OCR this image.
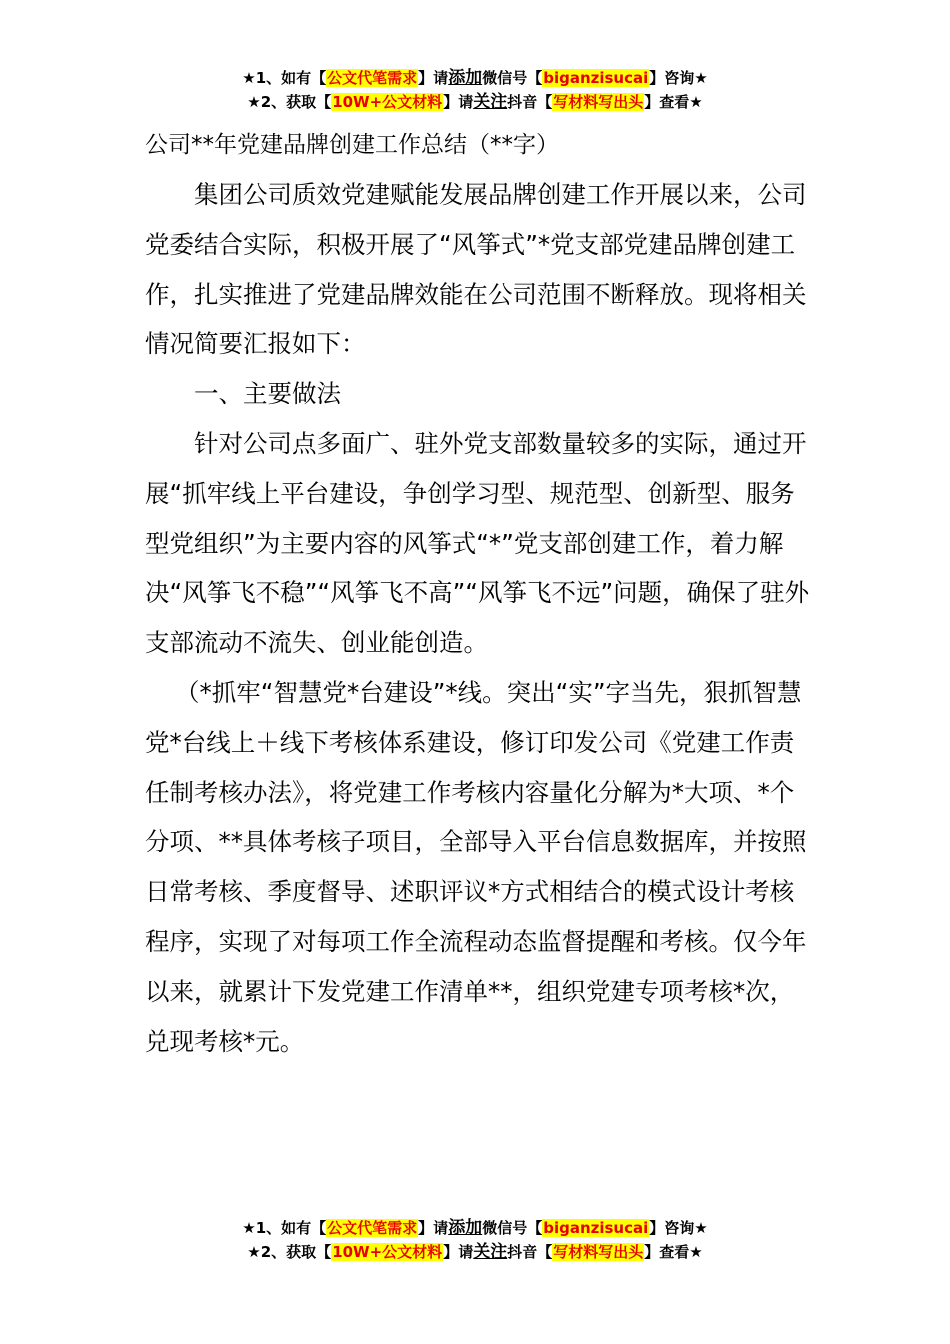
★1、如有【公文代笔需求】请添加微信号【biganzisucai】咨询★
★2、获取【10W+公文材料】请关注抖音【写材料写出头】查看★
公司**年党建品牌创建工作总结（**字）

集团公司质效党建赋能发展品牌创建工作开展以来，公司党委结合实际，积极开展了“风筝式”*党支部党建品牌创建工作，扎实推进了党建品牌效能在公司范围不断释放。现将相关情况简要汇报如下：

一、主要做法

针对公司点多面广、驻外党支部数量较多的实际，通过开展“抓牢线上平台建设，争创学习型、规范型、创新型、服务型党组织”为主要内容的风筝式“*”党支部创建工作，着力解决“风筝飞不稳”“风筝飞不高”“风筝飞不远”问题，确保了驻外支部流动不流失、创业能创造。

（*抓牢“智慧党*台建设”*线。突出“实”字当先，狠抓智慧党*台线上＋线下考核体系建设，修订印发公司《党建工作责任制考核办法》，将党建工作考核内容量化分解为*大项、*个分项、**具体考核子项目，全部导入平台信息数据库，并按照日常考核、季度督导、述职评议*方式相结合的模式设计考核程序，实现了对每项工作全流程动态监督提醒和考核。仅今年以来，就累计下发党建工作清单**，组织党建专项考核*次，兑现考核*元。

★1、如有【公文代笔需求】请添加微信号【biganzisucai】咨询★
★2、获取【10W+公文材料】请关注抖音【写材料写出头】查看★
